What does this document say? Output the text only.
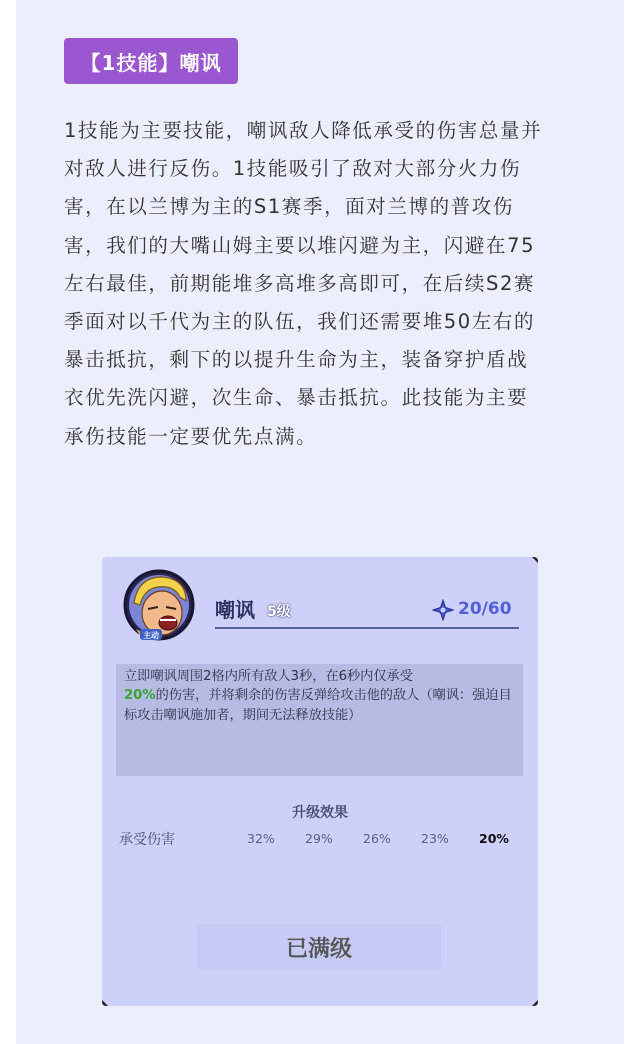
【1技能】嘲讽

1技能为主要技能，嘲讽敌人降低承受的伤害总量并

对敌人进行反伤。1技能吸引了敌对大部分火力伤

害，在以兰博为主的S1赛季，面对兰博的普攻伤

害，我们的大嘴山姆主要以堆闪避为主，闪避在75

左右最佳，前期能堆多高堆多高即可，在后续S2赛

季面对以千代为主的队伍，我们还需要堆50左右的

暴击抵抗，剩下的以提升生命为主，装备穿护盾战

衣优先洗闪避，次生命、暴击抵抗。此技能为主要

承伤技能一定要优先点满。

主动
嘲讽 5级	20/60
立即嘲讽周围2格内所有敌人3秒，在6秒内仅承受
20%的伤害，并将剩余的伤害反弹给攻击他的敌人（嘲讽：强迫目标攻击嘲讽施加者，期间无法释放技能）
升级效果
承受伤害	32% 29% 26% 23% 20%
已满级
